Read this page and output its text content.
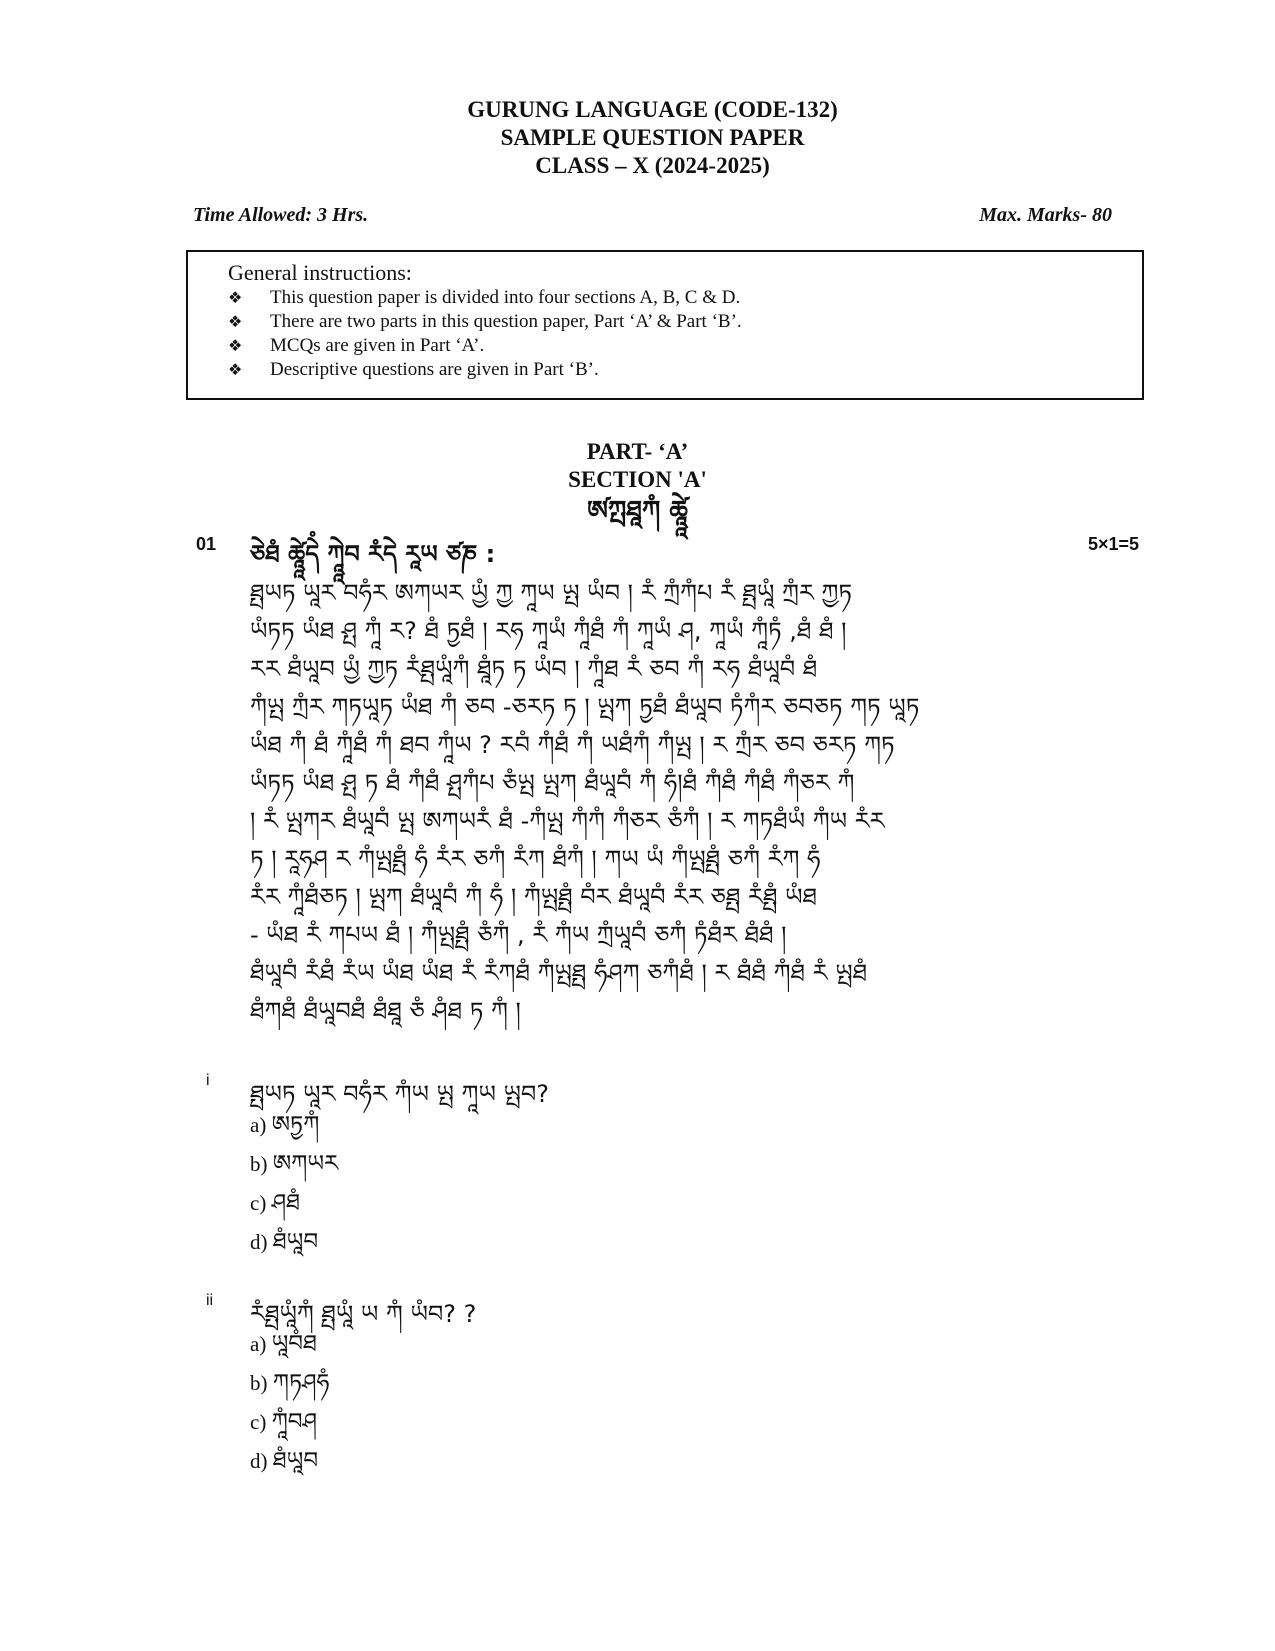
GURUNG LANGUAGE (CODE-132)
SAMPLE QUESTION PAPER
CLASS – X (2024-2025)
Time Allowed: 3 Hrs.	Max. Marks- 80
General instructions:
❖	This question paper is divided into four sections A, B, C & D.
❖	There are two parts in this question paper, Part ‘A’ & Part ‘B’.
❖	MCQs are given in Part ‘A’.
❖	Descriptive questions are given in Part ‘B’.
PART- ‘A’
SECTION 'A'
ཨ༹ཀྤཐཱཀཾ ཚཱཱེ
01 ཅེཐཾ ཚཱཱེདེཾ ཀཱཱེབ རཾདེ རཱཡ ཙཎ :	5×1=5
ཐྤཡཏ ཡཱར བཧཾར ཨཀཡར ཡྱཾ ཀྱ ཀཱཡ ཡྤ ཡཾབ ། རཾ ཀྲཾཀཾཔ རཾ ཐྤཡཱཾ ཀྲཾར ཀྱཏ
ཡཾཏཏ ཡཾཐ ཤྤ ཀཱཾ ར? ཐཾ ཏྱཐཾ ། རཧ ཀཱཡཾ ཀཱཾཐཾ ཀཾ ཀཱཡཾ ཤ, ཀཱཡཾ ཀཱཾཏཾ ,ཐཾ ཐཾ །
རར ཐཾཡཱབ ཡྱཾ ཀྱཏ རཾཐྤཡཱཾཀཾ ཐཱཾཏ ཏ ཡཾབ ། ཀཱཾཐ རཾ ཅབ ཀཾ རཧ ཐཾཡཱབཾ ཐཾ
ཀཾཡྤ ཀྲཾར ཀཏཡཱཏ ཡཾཐ ཀཾ ཅབ -ཅརཏ ཏ ། ཡྤཀ ཏྱཐཾ ཐཾཡཱབ ཏཾཀཾར ཅབཅཏ ཀཏ ཡཱཏ
ཡཾཐ ཀཾ ཐཾ ཀཱཾཐཾ ཀཾ ཐབ ཀཱཾཡ ? རབཾ ཀཾཐཾ ཀཾ ཡཐཾཀཾ ཀཾཡྤ ། ར ཀྲཾར ཅབ ཅརཏ ཀཏ
ཡཾཏཏ ཡཾཐ ཤྤ ཏ ཐཾ ཀཾཐཾ ཤྤཀཾཔ ཅཾཡྤ ཡྤཀ ཐཾཡཱབཾ ཀཾ ཧཾ།ཐཾ ཀཾཐཾ ཀཾཐཾ ཀཾཅར ཀཾ
། རཾ ཡྤཀར ཐཾཡཱབཾ ཡྤ ཨཀཡརཾ ཐཾ -ཀཾཡྤ ཀཾཀཾ ཀཾཅར ཅཾཀཾ ། ར ཀཏཐཾཡཾ ཀཾཡ རཾར
ཏ ། རཱཧཤ ར ཀཾཡྤཐྤཾ ཧཾ རཾར ཅཀཾ རཾཀ ཐཾཀཾ ། ཀཡ ཡཾ ཀཾཡྤཐྤཾ ཅཀཾ རཾཀ ཧཾ
རཾར ཀཱཾཐཾཅཏ ། ཡྤཀ ཐཾཡཱབཾ ཀཾ ཧཾ ། ཀཾཡྤཐྤཾ བཾར ཐཾཡཱབཾ རཾར ཅཐྤ རཾཐྤཾ ཡཾཐ
- ཡཾཐ རཾ ཀཔཡ ཐཾ ། ཀཾཡྤཐྤཾ ཅཾཀཾ , རཾ ཀཾཡ ཀྲཾཡཱབཾ ཅཀཾ ཏཾཐཾར ཐཾཐཾ །
ཐཾཡཱབཾ རཾཐཾ རཾཡ ཡཾཐ ཡཾཐ རཾ རཾཀཐཾ ཀཾཡྤཐྤ ཧཾཤཀ ཅཀཾཐཾ ། ར ཐཾཐཾ ཀཾཐཾ རཾ ཡྤཐཾ
ཐཾཀཐཾ ཐཾཡཱབཐཾ ཐཾཐཱ ཅཾ ཤཾཐ ཏ ཀཾ །
i ཐྤཡཏ ཡཱར བཧཾར ཀཾཡ ཡྤ ཀཱཡ ཡྤབ?
a) ཨཏྱཀཾ
b) ཨཀཡར
c) ཤཐཾ
d) ཐཾཡཱབ
ii རཾཐྤཡཱཾཀཾ ཐྤཡཱཾ ཡ ཀཾ ཡཾབ? ?
a) ཡཱབཾཐ
b) ཀཏཤཧཾ
c) ཀཱཾབཤ
d) ཐཾཡཱབ
